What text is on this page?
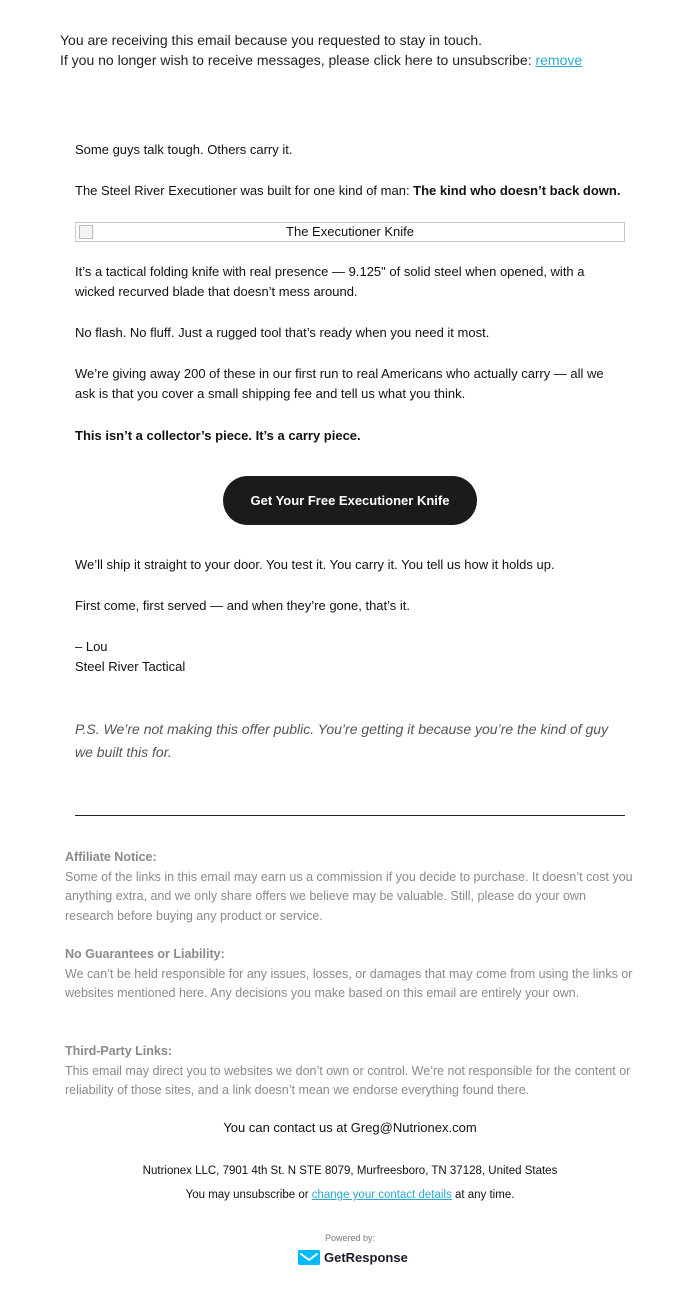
You are receiving this email because you requested to stay in touch.
If you no longer wish to receive messages, please click here to unsubscribe: remove
Some guys talk tough. Others carry it.
The Steel River Executioner was built for one kind of man: The kind who doesn’t back down.
The Executioner Knife
It’s a tactical folding knife with real presence — 9.125" of solid steel when opened, with a wicked recurved blade that doesn’t mess around.
No flash. No fluff. Just a rugged tool that’s ready when you need it most.
We’re giving away 200 of these in our first run to real Americans who actually carry — all we ask is that you cover a small shipping fee and tell us what you think.
This isn’t a collector’s piece. It’s a carry piece.
Get Your Free Executioner Knife
We’ll ship it straight to your door. You test it. You carry it. You tell us how it holds up.
First come, first served — and when they’re gone, that’s it.
– Lou
Steel River Tactical
P.S. We’re not making this offer public. You’re getting it because you’re the kind of guy we built this for.
Affiliate Notice:
Some of the links in this email may earn us a commission if you decide to purchase. It doesn’t cost you anything extra, and we only share offers we believe may be valuable. Still, please do your own research before buying any product or service.
No Guarantees or Liability:
We can’t be held responsible for any issues, losses, or damages that may come from using the links or websites mentioned here. Any decisions you make based on this email are entirely your own.
Third-Party Links:
This email may direct you to websites we don’t own or control. We’re not responsible for the content or reliability of those sites, and a link doesn’t mean we endorse everything found there.
You can contact us at Greg@Nutrionex.com
Nutrionex LLC, 7901 4th St. N STE 8079, Murfreesboro, TN 37128, United States
You may unsubscribe or change your contact details at any time.
Powered by:
GetResponse
